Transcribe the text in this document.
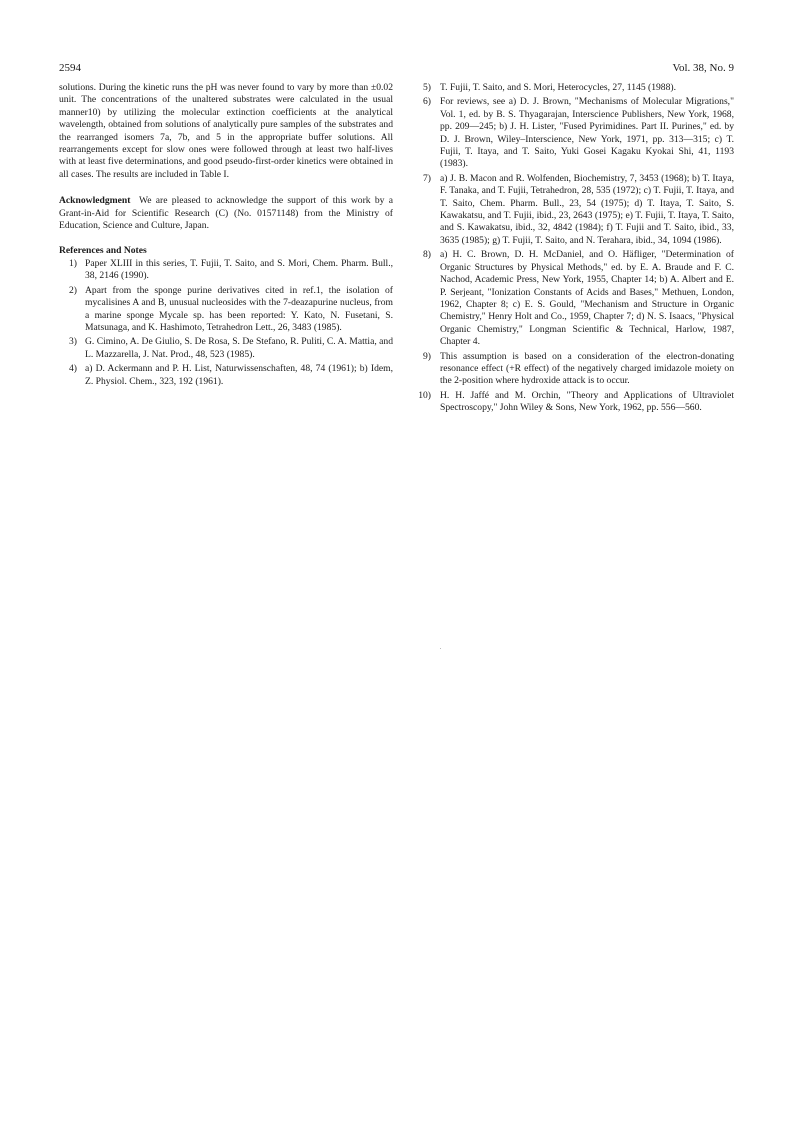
2594	Vol. 38, No. 9

solutions. During the kinetic runs the pH was never found to vary by more than ±0.02 unit. The concentrations of the unaltered substrates were calculated in the usual manner10) by utilizing the molecular extinction coefficients at the analytical wavelength, obtained from solutions of analytically pure samples of the substrates and the rearranged isomers 7a, 7b, and 5 in the appropriate buffer solutions. All rearrangements except for slow ones were followed through at least two half-lives with at least five determinations, and good pseudo-first-order kinetics were obtained in all cases. The results are included in Table I.

Acknowledgment We are pleased to acknowledge the support of this work by a Grant-in-Aid for Scientific Research (C) (No. 01571148) from the Ministry of Education, Science and Culture, Japan.

References and Notes

1) Paper XLIII in this series, T. Fujii, T. Saito, and S. Mori, Chem. Pharm. Bull., 38, 2146 (1990).
2) Apart from the sponge purine derivatives cited in ref.1, the isolation of mycalisines A and B, unusual nucleosides with the 7-deazapurine nucleus, from a marine sponge Mycale sp. has been reported: Y. Kato, N. Fusetani, S. Matsunaga, and K. Hashimoto, Tetrahedron Lett., 26, 3483 (1985).
3) G. Cimino, A. De Giulio, S. De Rosa, S. De Stefano, R. Puliti, C. A. Mattia, and L. Mazzarella, J. Nat. Prod., 48, 523 (1985).
4) a) D. Ackermann and P. H. List, Naturwissenschaften, 48, 74 (1961); b) Idem, Z. Physiol. Chem., 323, 192 (1961).
5) T. Fujii, T. Saito, and S. Mori, Heterocycles, 27, 1145 (1988).
6) For reviews, see a) D. J. Brown, "Mechanisms of Molecular Migrations," Vol. 1, ed. by B. S. Thyagarajan, Interscience Publishers, New York, 1968, pp. 209—245; b) J. H. Lister, "Fused Pyrimidines. Part II. Purines," ed. by D. J. Brown, Wiley–Interscience, New York, 1971, pp. 313—315; c) T. Fujii, T. Itaya, and T. Saito, Yuki Gosei Kagaku Kyokai Shi, 41, 1193 (1983).
7) a) J. B. Macon and R. Wolfenden, Biochemistry, 7, 3453 (1968); b) T. Itaya, F. Tanaka, and T. Fujii, Tetrahedron, 28, 535 (1972); c) T. Fujii, T. Itaya, and T. Saito, Chem. Pharm. Bull., 23, 54 (1975); d) T. Itaya, T. Saito, S. Kawakatsu, and T. Fujii, ibid., 23, 2643 (1975); e) T. Fujii, T. Itaya, T. Saito, and S. Kawakatsu, ibid., 32, 4842 (1984); f) T. Fujii and T. Saito, ibid., 33, 3635 (1985); g) T. Fujii, T. Saito, and N. Terahara, ibid., 34, 1094 (1986).
8) a) H. C. Brown, D. H. McDaniel, and O. Häfliger, "Determination of Organic Structures by Physical Methods," ed. by E. A. Braude and F. C. Nachod, Academic Press, New York, 1955, Chapter 14; b) A. Albert and E. P. Serjeant, "Ionization Constants of Acids and Bases," Methuen, London, 1962, Chapter 8; c) E. S. Gould, "Mechanism and Structure in Organic Chemistry," Henry Holt and Co., 1959, Chapter 7; d) N. S. Isaacs, "Physical Organic Chemistry," Longman Scientific & Technical, Harlow, 1987, Chapter 4.
9) This assumption is based on a consideration of the electron-donating resonance effect (+R effect) of the negatively charged imidazole moiety on the 2-position where hydroxide attack is to occur.
10) H. H. Jaffé and M. Orchin, "Theory and Applications of Ultraviolet Spectroscopy," John Wiley & Sons, New York, 1962, pp. 556—560.
